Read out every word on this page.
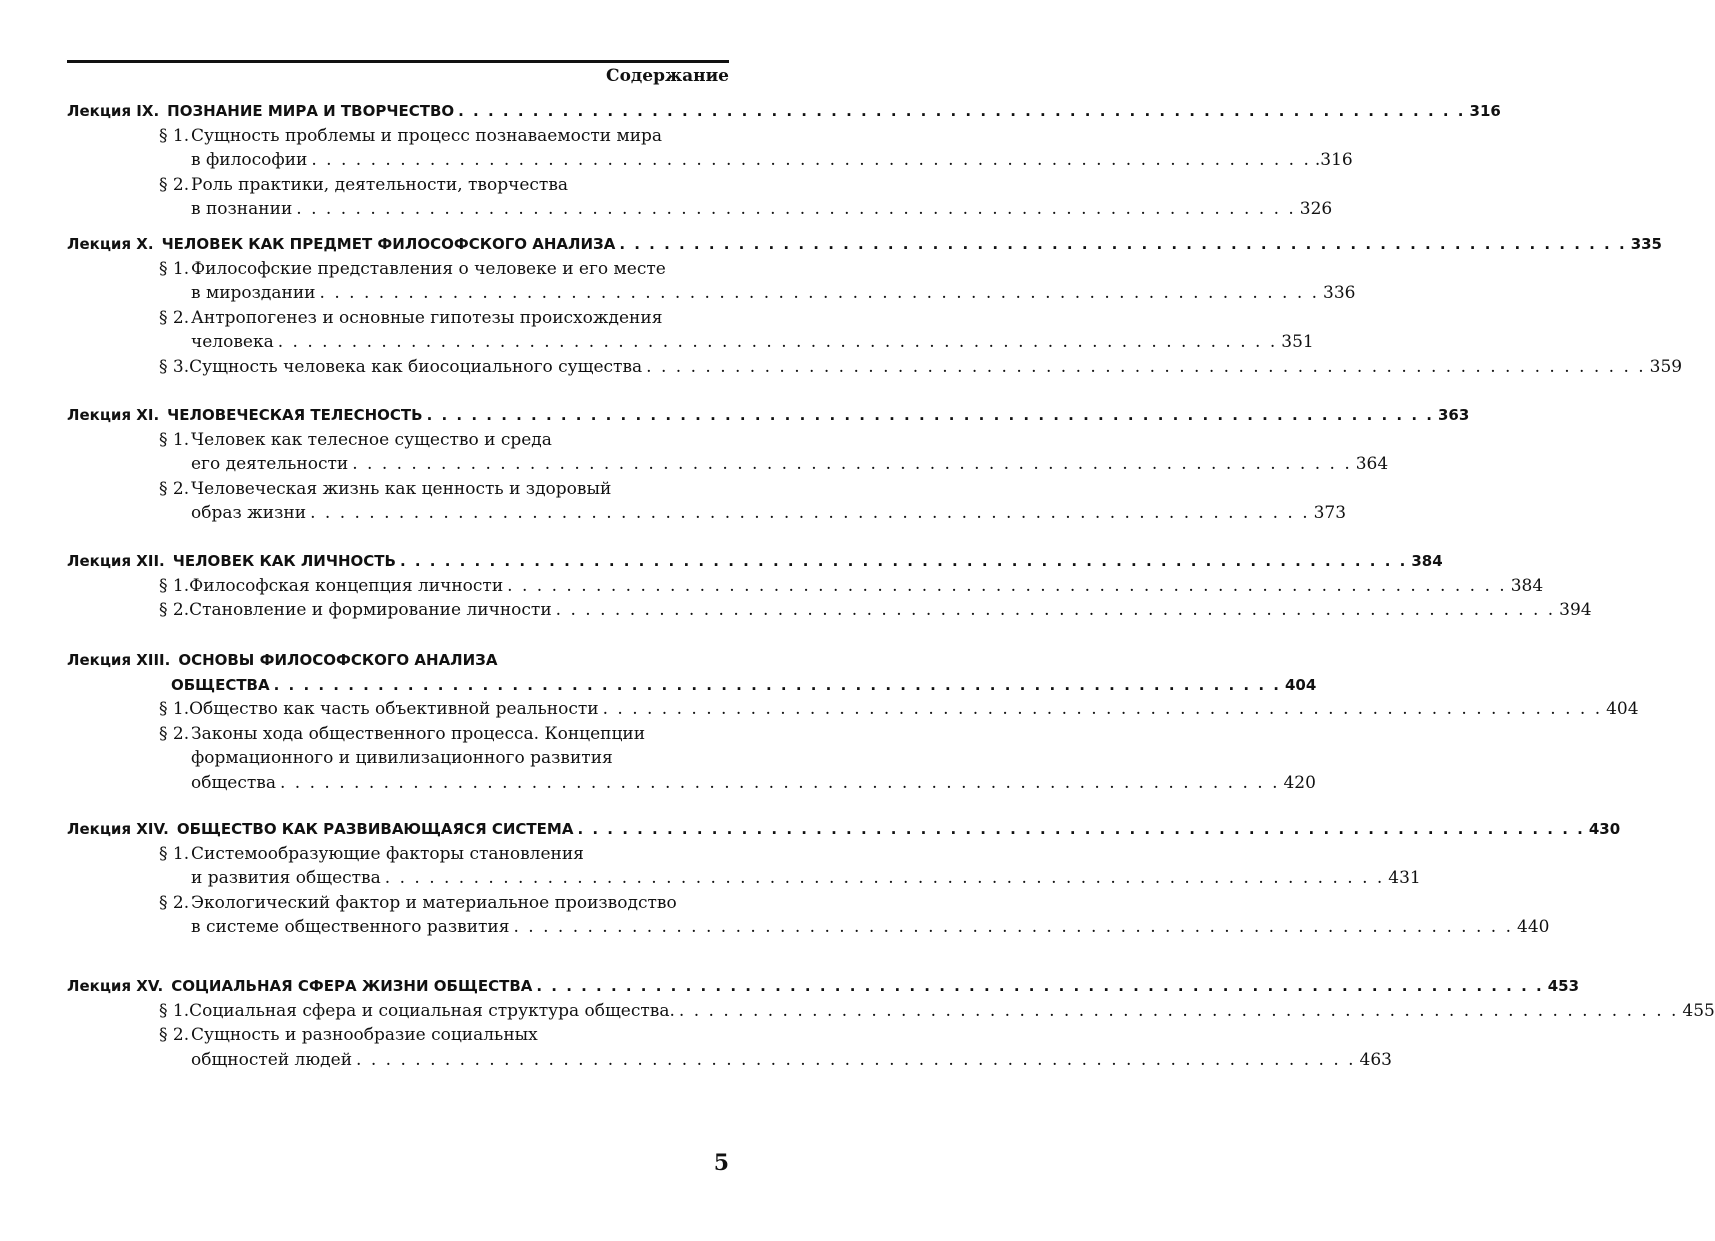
Содержание
Лекция IX. ПОЗНАНИЕ МИРА И ТВОРЧЕСТВО . . . . . . . . . . . . . . . . . . . . . . . . . . . . . . . . . . . . . . . . . . . . . . . . . . . . . . . . . . . . . . . . . . . . 316
§ 1. Сущность проблемы и процесс познаваемости мира
в философии . . . . . . . . . . . . . . . . . . . . . . . . . . . . . . . . . . . . . . . . . . . . . . . . . . . . . . . . . . . . . . . . . . . . .316
§ 2. Роль практики, деятельности, творчества
в познании . . . . . . . . . . . . . . . . . . . . . . . . . . . . . . . . . . . . . . . . . . . . . . . . . . . . . . . . . . . . . . . . . . . . 326
Лекция X. ЧЕЛОВЕК КАК ПРЕДМЕТ ФИЛОСОФСКОГО АНАЛИЗА . . . . . . . . . . . . . . . . . . . . . . . . . . . . . . . . . . . . . . . . . . . . . . . . . . . . . . . . . . . . . . . . . . . . 335
§ 1. Философские представления о человеке и его месте
в мироздании . . . . . . . . . . . . . . . . . . . . . . . . . . . . . . . . . . . . . . . . . . . . . . . . . . . . . . . . . . . . . . . . . . . . 336
§ 2. Антропогенез и основные гипотезы происхождения
человека . . . . . . . . . . . . . . . . . . . . . . . . . . . . . . . . . . . . . . . . . . . . . . . . . . . . . . . . . . . . . . . . . . . . 351
§ 3. Сущность человека как биосоциального существа . . . . . . . . . . . . . . . . . . . . . . . . . . . . . . . . . . . . . . . . . . . . . . . . . . . . . . . . . . . . . . . . . . . . 359
Лекция XI. ЧЕЛОВЕЧЕСКАЯ ТЕЛЕСНОСТЬ . . . . . . . . . . . . . . . . . . . . . . . . . . . . . . . . . . . . . . . . . . . . . . . . . . . . . . . . . . . . . . . . . . . . 363
§ 1. Человек как телесное существо и среда
его деятельности . . . . . . . . . . . . . . . . . . . . . . . . . . . . . . . . . . . . . . . . . . . . . . . . . . . . . . . . . . . . . . . . . . . . 364
§ 2. Человеческая жизнь как ценность и здоровый
образ жизни . . . . . . . . . . . . . . . . . . . . . . . . . . . . . . . . . . . . . . . . . . . . . . . . . . . . . . . . . . . . . . . . . . . . 373
Лекция XII. ЧЕЛОВЕК КАК ЛИЧНОСТЬ . . . . . . . . . . . . . . . . . . . . . . . . . . . . . . . . . . . . . . . . . . . . . . . . . . . . . . . . . . . . . . . . . . . . 384
§ 1. Философская концепция личности . . . . . . . . . . . . . . . . . . . . . . . . . . . . . . . . . . . . . . . . . . . . . . . . . . . . . . . . . . . . . . . . . . . . 384
§ 2. Становление и формирование личности . . . . . . . . . . . . . . . . . . . . . . . . . . . . . . . . . . . . . . . . . . . . . . . . . . . . . . . . . . . . . . . . . . . . 394
Лекция XIII. ОСНОВЫ ФИЛОСОФСКОГО АНАЛИЗА
ОБЩЕСТВА . . . . . . . . . . . . . . . . . . . . . . . . . . . . . . . . . . . . . . . . . . . . . . . . . . . . . . . . . . . . . . . . . . . . 404
§ 1. Общество как часть объективной реальности . . . . . . . . . . . . . . . . . . . . . . . . . . . . . . . . . . . . . . . . . . . . . . . . . . . . . . . . . . . . . . . . . . . . 404
§ 2. Законы хода общественного процесса. Концепции
формационного и цивилизационного развития
общества . . . . . . . . . . . . . . . . . . . . . . . . . . . . . . . . . . . . . . . . . . . . . . . . . . . . . . . . . . . . . . . . . . . . 420
Лекция XIV. ОБЩЕСТВО КАК РАЗВИВАЮЩАЯСЯ СИСТЕМА . . . . . . . . . . . . . . . . . . . . . . . . . . . . . . . . . . . . . . . . . . . . . . . . . . . . . . . . . . . . . . . . . . . . 430
§ 1. Системообразующие факторы становления
и развития общества . . . . . . . . . . . . . . . . . . . . . . . . . . . . . . . . . . . . . . . . . . . . . . . . . . . . . . . . . . . . . . . . . . . . 431
§ 2. Экологический фактор и материальное производство
в системе общественного развития . . . . . . . . . . . . . . . . . . . . . . . . . . . . . . . . . . . . . . . . . . . . . . . . . . . . . . . . . . . . . . . . . . . . 440
Лекция XV. СОЦИАЛЬНАЯ СФЕРА ЖИЗНИ ОБЩЕСТВА . . . . . . . . . . . . . . . . . . . . . . . . . . . . . . . . . . . . . . . . . . . . . . . . . . . . . . . . . . . . . . . . . . . . 453
§ 1. Социальная сфера и социальная структура общества. . . . . . . . . . . . . . . . . . . . . . . . . . . . . . . . . . . . . . . . . . . . . . . . . . . . . . . . . . . . . . . . . . . . . 455
§ 2. Сущность и разнообразие социальных
общностей людей . . . . . . . . . . . . . . . . . . . . . . . . . . . . . . . . . . . . . . . . . . . . . . . . . . . . . . . . . . . . . . . . . . . . 463
5
